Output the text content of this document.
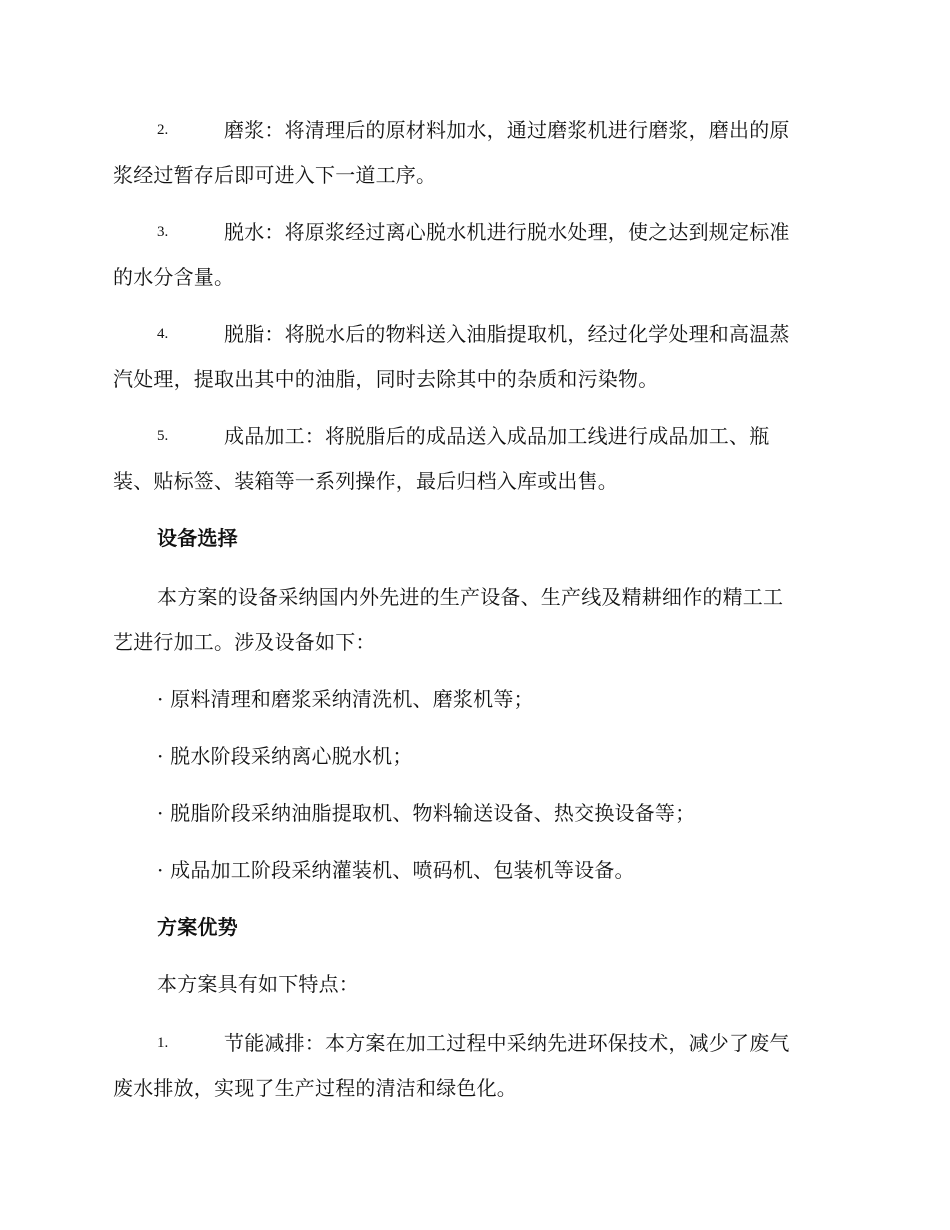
2.	磨浆：将清理后的原材料加水，通过磨浆机进行磨浆，磨出的原
浆经过暂存后即可进入下一道工序。
3.	脱水：将原浆经过离心脱水机进行脱水处理，使之达到规定标准
的水分含量。
4.	脱脂：将脱水后的物料送入油脂提取机，经过化学处理和高温蒸
汽处理，提取出其中的油脂，同时去除其中的杂质和污染物。
5.	成品加工：将脱脂后的成品送入成品加工线进行成品加工、瓶
装、贴标签、装箱等一系列操作，最后归档入库或出售。
设备选择
本方案的设备采纳国内外先进的生产设备、生产线及精耕细作的精工工
艺进行加工。涉及设备如下：
· 原料清理和磨浆采纳清洗机、磨浆机等；
· 脱水阶段采纳离心脱水机；
· 脱脂阶段采纳油脂提取机、物料输送设备、热交换设备等；
· 成品加工阶段采纳灌装机、喷码机、包装机等设备。
方案优势
本方案具有如下特点：
1.	节能减排：本方案在加工过程中采纳先进环保技术，减少了废气
废水排放，实现了生产过程的清洁和绿色化。
